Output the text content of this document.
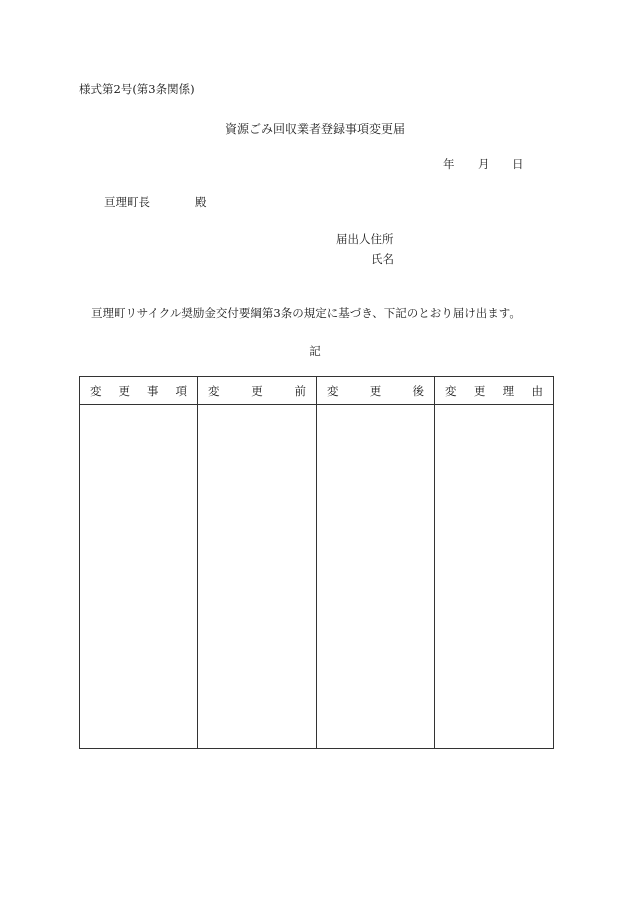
様式第2号(第3条関係)
資源ごみ回収業者登録事項変更届
年 月 日
亘理町長	殿
届出人住所
氏名
亘理町リサイクル奨励金交付要綱第3条の規定に基づき、下記のとおり届け出ます。
記
変 更 事 項	変 更 前	変 更 後	変 更 理 由
